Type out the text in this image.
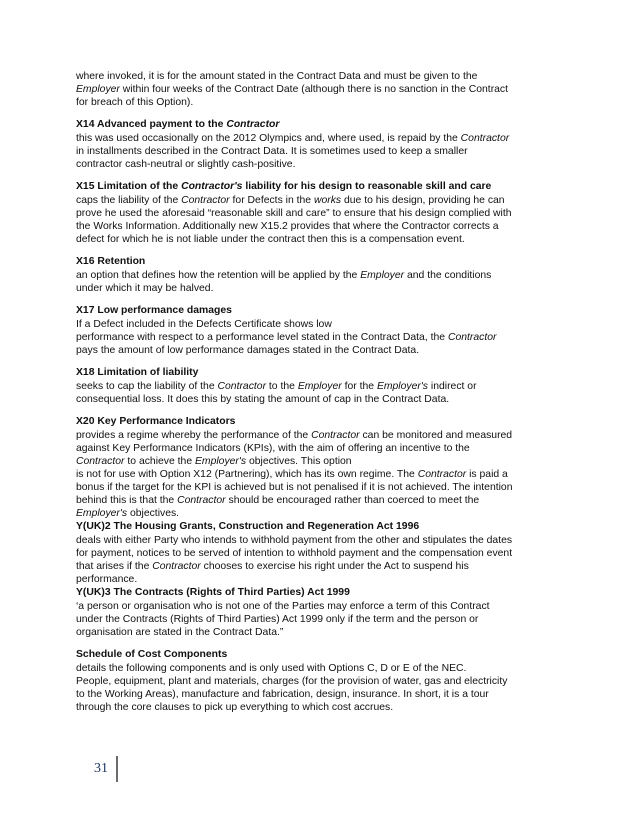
where invoked, it is for the amount stated in the Contract Data and must be given to the
Employer within four weeks of the Contract Date (although there is no sanction in the Contract
for breach of this Option).
X14 Advanced payment to the Contractor
this was used occasionally on the 2012 Olympics and, where used, is repaid by the Contractor
in installments described in the Contract Data. It is sometimes used to keep a smaller
contractor cash-neutral or slightly cash-positive.
X15 Limitation of the Contractor's liability for his design to reasonable skill and care
caps the liability of the Contractor for Defects in the works due to his design, providing he can
prove he used the aforesaid “reasonable skill and care” to ensure that his design complied with
the Works Information. Additionally new X15.2 provides that where the Contractor corrects a
defect for which he is not liable under the contract then this is a compensation event.
X16 Retention
an option that defines how the retention will be applied by the Employer and the conditions
under which it may be halved.
X17 Low performance damages
If a Defect included in the Defects Certificate shows low
performance with respect to a performance level stated in the Contract Data, the Contractor
pays the amount of low performance damages stated in the Contract Data.
X18 Limitation of liability
seeks to cap the liability of the Contractor to the Employer for the Employer's indirect or
consequential loss. It does this by stating the amount of cap in the Contract Data.
X20 Key Performance Indicators
provides a regime whereby the performance of the Contractor can be monitored and measured
against Key Performance Indicators (KPIs), with the aim of offering an incentive to the
Contractor to achieve the Employer's objectives. This option
is not for use with Option X12 (Partnering), which has its own regime. The Contractor is paid a
bonus if the target for the KPI is achieved but is not penalised if it is not achieved. The intention
behind this is that the Contractor should be encouraged rather than coerced to meet the
Employer's objectives.
Y(UK)2 The Housing Grants, Construction and Regeneration Act 1996
deals with either Party who intends to withhold payment from the other and stipulates the dates
for payment, notices to be served of intention to withhold payment and the compensation event
that arises if the Contractor chooses to exercise his right under the Act to suspend his
performance.
Y(UK)3 The Contracts (Rights of Third Parties) Act 1999
‘a person or organisation who is not one of the Parties may enforce a term of this Contract
under the Contracts (Rights of Third Parties) Act 1999 only if the term and the person or
organisation are stated in the Contract Data.”
Schedule of Cost Components
details the following components and is only used with Options C, D or E of the NEC.
People, equipment, plant and materials, charges (for the provision of water, gas and electricity
to the Working Areas), manufacture and fabrication, design, insurance. In short, it is a tour
through the core clauses to pick up everything to which cost accrues.
31
